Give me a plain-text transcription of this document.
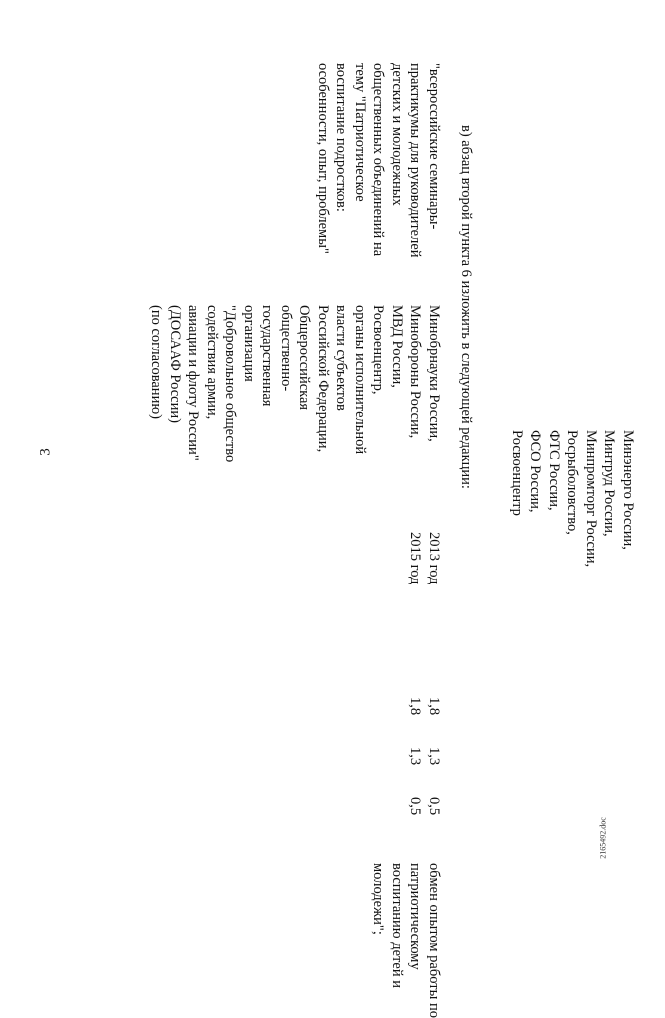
3	Минэнерго России,
Минтруд России,
Минпромторг России,
Росрыболовство,
ФТС России,
ФСО России,
Росвоенцентр
в) абзац второй пункта 6 изложить в следующей редакции:
"всероссийские семинары-
практикумы для руководителей
детских и молодежных
общественных объединений на
тему "Патриотическое
воспитание подростков:
особенности, опыт, проблемы"
Минобрнауки России,
Минобороны России,
МВД России,
Росвоенцентр,
органы исполнительной
власти субъектов
Российской Федерации,
Общероссийская
общественно-
государственная
организация
"Добровольное общество
содействия армии,
авиации и флоту России"
(ДОСААФ России)
(по согласованию)
2013 год
2015 год
1,8
1,8
1,3
1,3
0,5
0,5
обмен опытом работы по
патриотическому
воспитанию детей и
молодежи";
2165492.doc
